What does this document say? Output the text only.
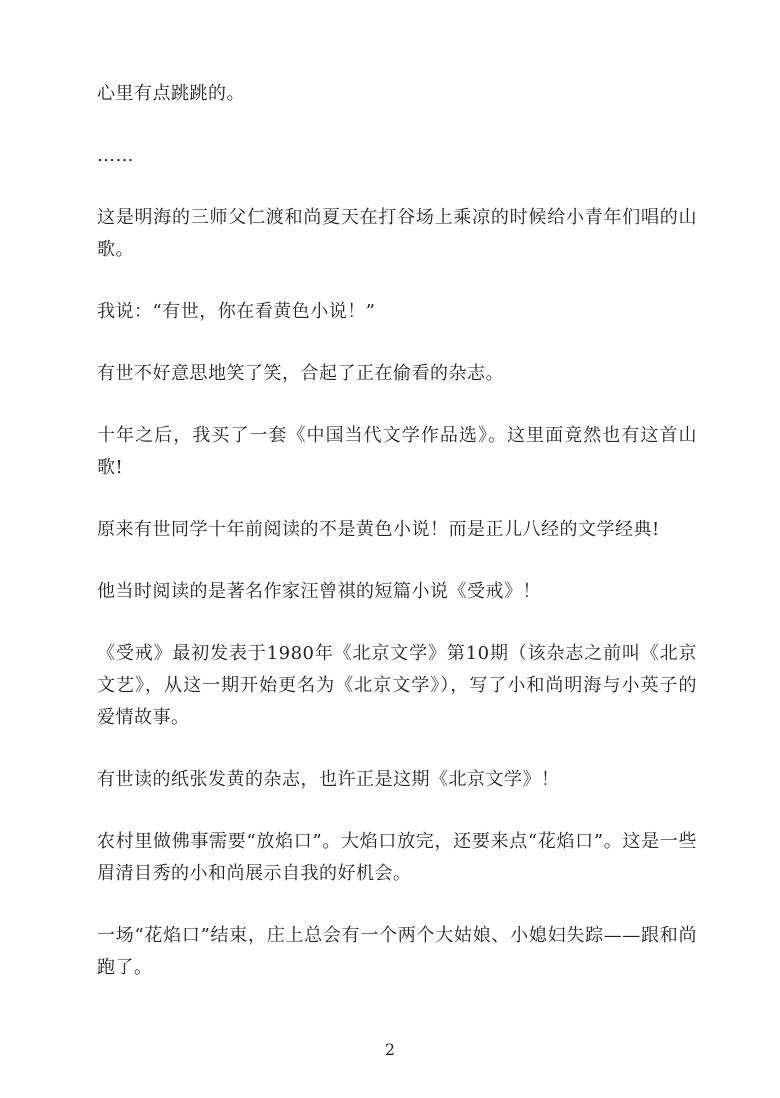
心里有点跳跳的。

……

这是明海的三师父仁渡和尚夏天在打谷场上乘凉的时候给小青年们唱的山歌。

我说：“有世，你在看黄色小说！”

有世不好意思地笑了笑，合起了正在偷看的杂志。

十年之后，我买了一套《中国当代文学作品选》。这里面竟然也有这首山歌!

原来有世同学十年前阅读的不是黄色小说！而是正儿八经的文学经典!

他当时阅读的是著名作家汪曾祺的短篇小说《受戒》！

《受戒》最初发表于1980年《北京文学》第10期（该杂志之前叫《北京文艺》，从这一期开始更名为《北京文学》），写了小和尚明海与小英子的爱情故事。

有世读的纸张发黄的杂志，也许正是这期《北京文学》！

农村里做佛事需要“放焰口”。大焰口放完，还要来点“花焰口”。这是一些眉清目秀的小和尚展示自我的好机会。

一场“花焰口”结束，庄上总会有一个两个大姑娘、小媳妇失踪——跟和尚跑了。

2
